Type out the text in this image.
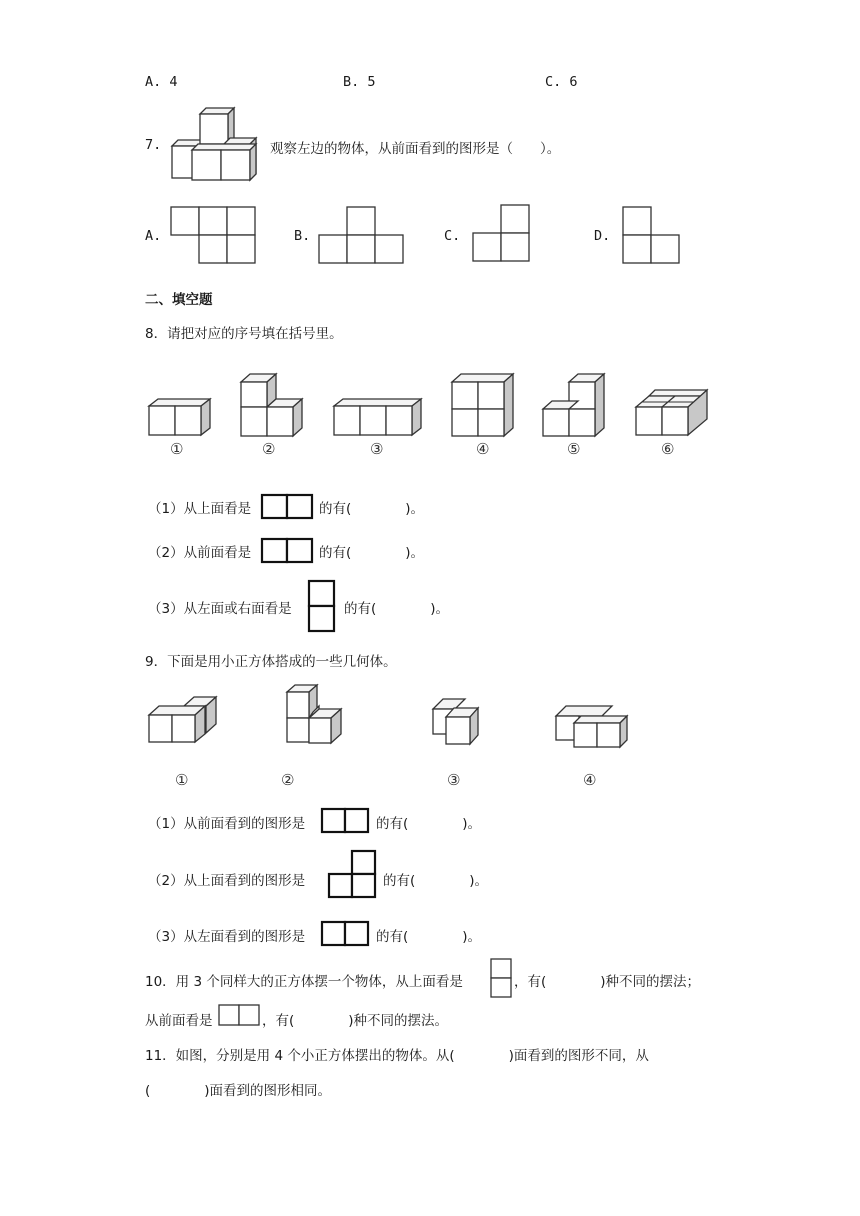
A. 4	B. 5	C. 6
7.	观察左边的物体，从前面看到的图形是（　　）。
A.	B.	C.	D.
二、填空题
8．请把对应的序号填在括号里。
①	②	③	④	⑤	⑥
（1）从上面看是	的有(　　　　)。
（2）从前面看是	的有(　　　　)。
（3）从左面或右面看是	的有(　　　　)。
9．下面是用小正方体搭成的一些几何体。
①	②	③	④
（1）从前面看到的图形是	的有(　　　　)。
（2）从上面看到的图形是	的有(　　　　)。
（3）从左面看到的图形是	的有(　　　　)。
10．用 3 个同样大的正方体摆一个物体，从上面看是	，有(　　　　)种不同的摆法；
从前面看是	，有(　　　　)种不同的摆法。
11．如图，分别是用 4 个小正方体摆出的物体。从(　　　　)面看到的图形不同，从
(　　　　)面看到的图形相同。
